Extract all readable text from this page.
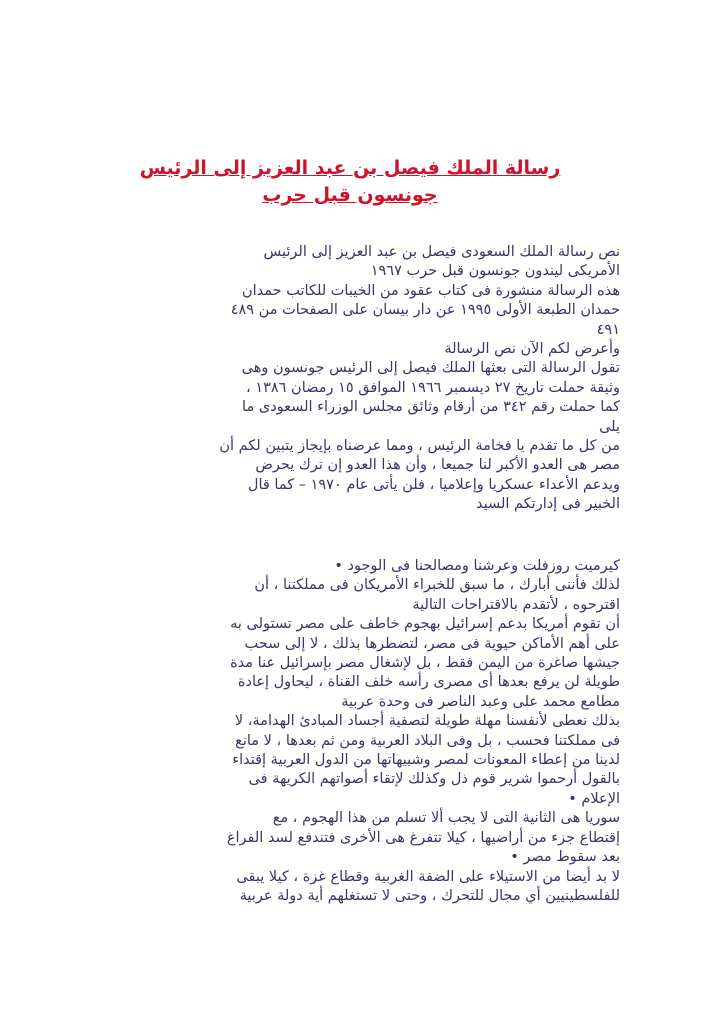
رسالة الملك فيصل بن عبد العزيز إلى الرئيس
جونسون قبل حرب

نص رسالة الملك السعودى فيصل بن عبد العزيز إلى الرئيس

الأمريكى ليندون جونسون قبل حرب ١٩٦٧

هذه الرسالة منشورة فى كتاب عقود من الخيبات للكاتب حمدان

حمدان الطبعة الأولى ١٩٩٥ عن دار بيسان على الصفحات من ٤٨٩

٤٩١

وأعرض لكم الآن نص الرسالة

تقول الرسالة التى بعثها الملك فيصل إلى الرئيس جونسون وهى

وثيقة حملت تاريخ ٢٧ ديسمبر ١٩٦٦ الموافق ١٥ رمضان ١٣٨٦ ،

كما حملت رقم ٣٤٢ من أرقام وثائق مجلس الوزراء السعودى ما

يلى

من كل ما تقدم يا فخامة الرئيس ، ومما عرضناه بإيجاز يتبين لكم أن

مصر هى العدو الأكبر لنا جميعا ، وأن هذا العدو إن ترك يحرض

ويدعم الأعداء عسكريا وإعلاميا ، فلن يأتى عام ١٩٧٠ – كما قال

الخبير فى إدارتكم السيد

كيرميت روزفلت وعرشنا ومصالحنا فى الوجود •

لذلك فأننى أبارك ، ما سبق للخبراء الأمريكان فى مملكتنا ، أن

اقترحوه ، لأتقدم بالاقتراحات التالية

أن تقوم أمريكا بدعم إسرائيل بهجوم خاطف على مصر تستولى به

على أهم الأماكن حيوية فى مصر، لتضطرها بذلك ، لا إلى سحب

جيشها صاغرة من اليمن فقط ، بل لإشغال مصر بإسرائيل عنا مدة

طويلة لن يرفع بعدها أى مصرى رأسه خلف القناة ، ليحاول إعادة

مطامع محمد على وعبد الناصر فى وحدة عربية

بذلك نعطى لأنفسنا مهلة طويلة لتصفية أجساد المبادئ الهدامة، لا

فى مملكتنا فحسب ، بل وفى البلاد العربية ومن ثم بعدها ، لا مانع

لدينا من إعطاء المعونات لمصر وشبيهاتها من الدول العربية إقتداء

بالقول أرحموا شرير قوم ذل وكذلك لإتقاء أصواتهم الكريهة فى

الإعلام •

سوريا هى الثانية التى لا يجب ألا تسلم من هذا الهجوم ، مع

إقتطاع جزء من أراضيها ، كيلا تتفرغ هى الأخرى فتندفع لسد الفراغ

بعد سقوط مصر •

لا بد أيضا من الاستيلاء على الضفة الغربية وقطاع غزة ، كيلا يبقى

للفلسطينيين أي مجال للتحرك ، وحتى لا تستغلهم أية دولة عربية
